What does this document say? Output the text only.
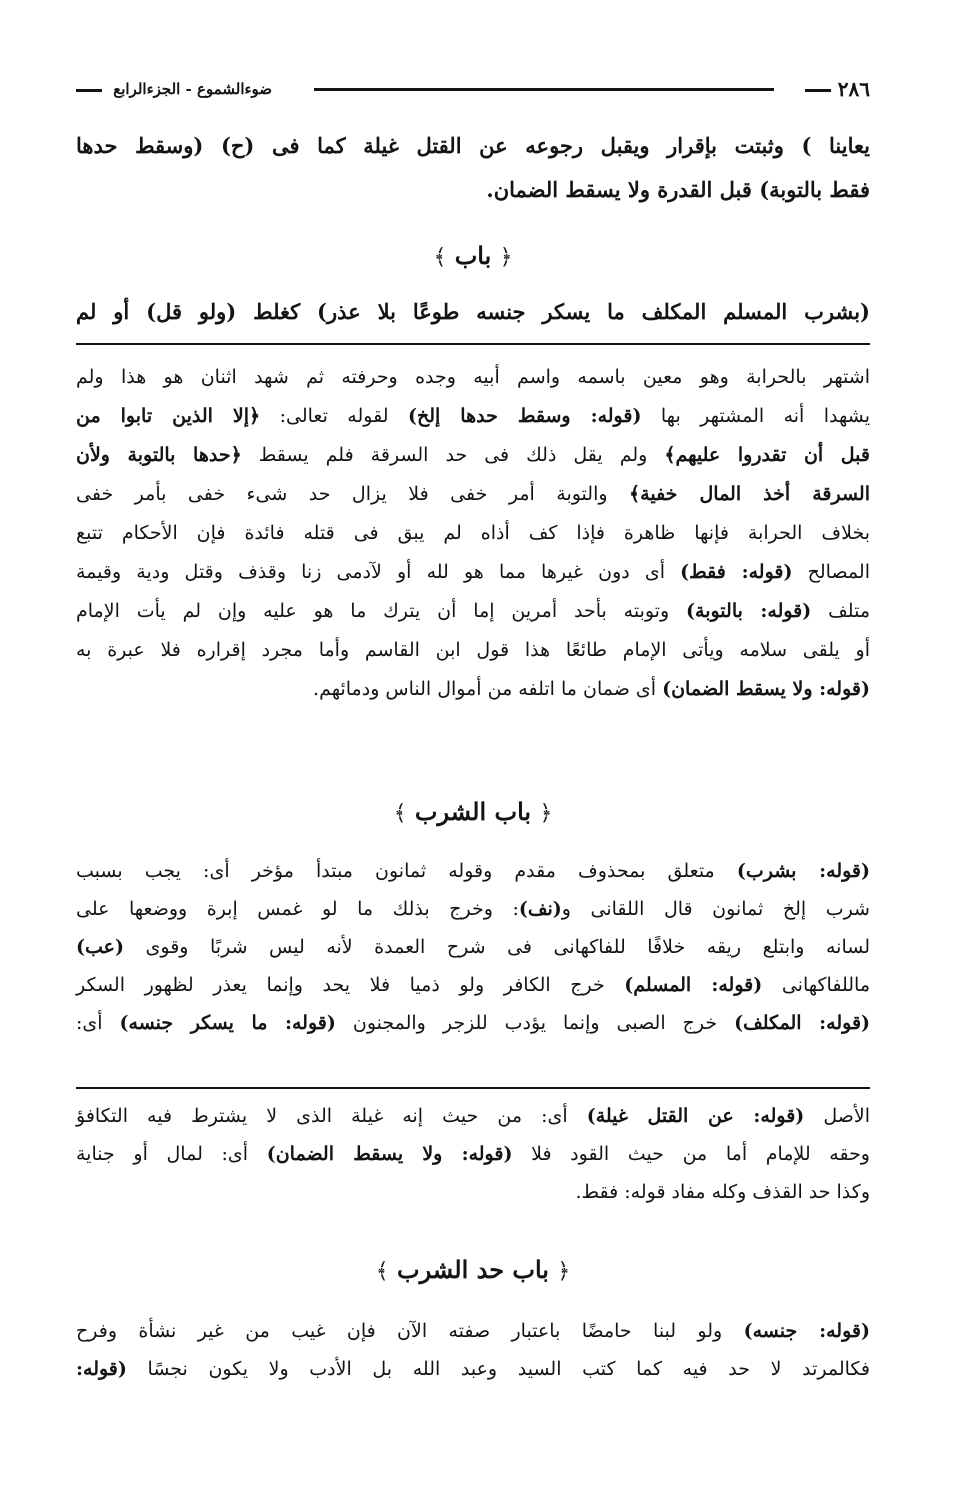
٢٨٦
ضوءالشموع - الجزءالرابع
يعاينا ) وثبتت بإقرار ويقبل رجوعه عن القتل غيلة كما فى (ح) (وسقط حدها
فقط بالتوبة) قبل القدرة ولا يسقط الضمان.
﴿ باب ﴾
(بشرب المسلم المكلف ما يسكر جنسه طوعًا بلا عذر) كغلط (ولو قل) أو لم
اشتهر بالحرابة وهو معين باسمه واسم أبيه وجده وحرفته ثم شهد اثنان هو هذا ولم
يشهدا أنه المشتهر بها (قوله: وسقط حدها إلخ) لقوله تعالى: ﴿إلا الذين تابوا من
قبل أن تقدروا عليهم﴾ ولم يقل ذلك فى حد السرقة فلم يسقط ﴿حدها بالتوبة ولأن
السرقة أخذ المال خفية﴾ والتوبة أمر خفى فلا يزال حد شىء خفى بأمر خفى
بخلاف الحرابة فإنها ظاهرة فإذا كف أذاه لم يبق فى قتله فائدة فإن الأحكام تتبع
المصالح (قوله: فقط) أى دون غيرها مما هو لله أو لآدمى زنا وقذف وقتل ودية وقيمة
متلف (قوله: بالتوبة) وتوبته بأحد أمرين إما أن يترك ما هو عليه وإن لم يأت الإمام
أو يلقى سلامه ويأتى الإمام طائعًا هذا قول ابن القاسم وأما مجرد إقراره فلا عبرة به
(قوله: ولا يسقط الضمان) أى ضمان ما اتلفه من أموال الناس ودمائهم.
﴿ باب الشرب ﴾
(قوله: بشرب) متعلق بمحذوف مقدم وقوله ثمانون مبتدأ مؤخر أى: يجب بسبب
شرب إلخ ثمانون قال اللقانى و(نف): وخرج بذلك ما لو غمس إبرة ووضعها على
لسانه وابتلع ريقه خلافًا للفاكهانى فى شرح العمدة لأنه ليس شربًا وقوى (عب)
ماللفاكهانى (قوله: المسلم) خرج الكافر ولو ذميا فلا يحد وإنما يعذر لظهور السكر
(قوله: المكلف) خرج الصبى وإنما يؤدب للزجر والمجنون (قوله: ما يسكر جنسه) أى:
الأصل (قوله: عن القتل غيلة) أى: من حيث إنه غيلة الذى لا يشترط فيه التكافؤ
وحقه للإمام أما من حيث القود فلا (قوله: ولا يسقط الضمان) أى: لمال أو جناية
وكذا حد القذف وكله مفاد قوله: فقط.
﴿ باب حد الشرب ﴾
(قوله: جنسه) ولو لبنا حامضًا باعتبار صفته الآن فإن غيب من غير نشأة وفرح
فكالمرتد لا حد فيه كما كتب السيد وعبد الله بل الأدب ولا يكون نجسًا (قوله:
